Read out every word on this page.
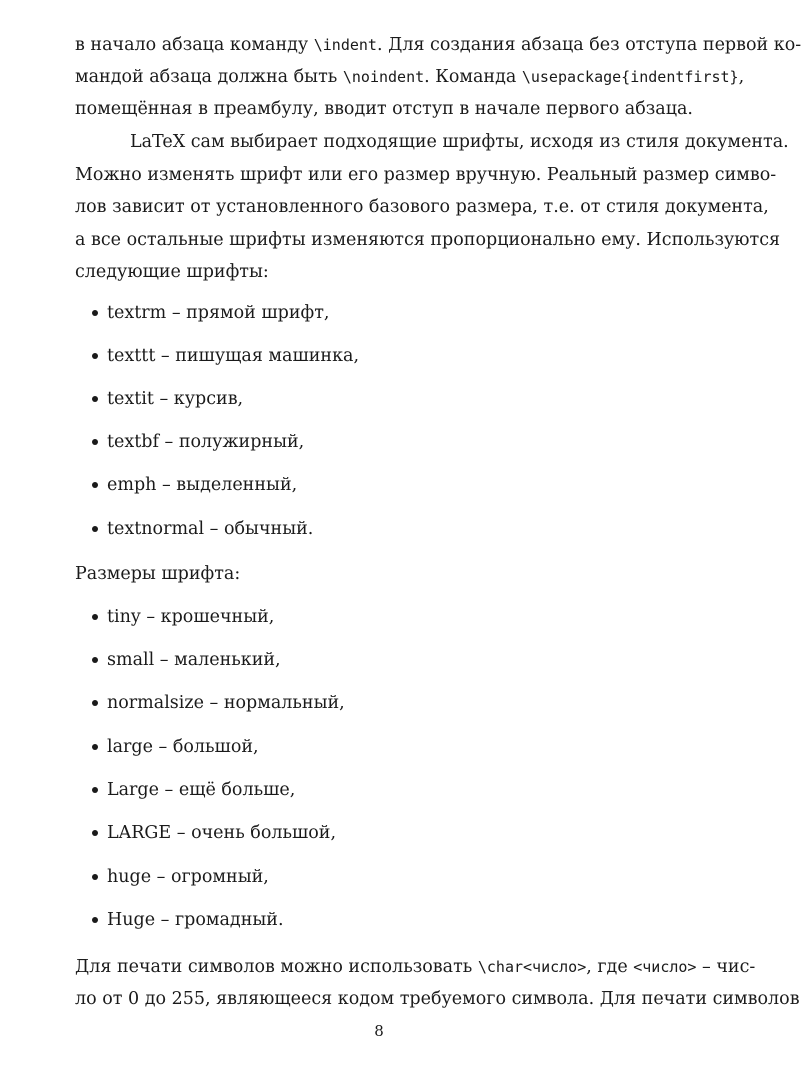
в начало абзаца команду \indent. Для создания абзаца без отступа первой ко-
мандой абзаца должна быть \noindent. Команда \usepackage{indentfirst},
помещённая в преамбулу, вводит отступ в начале первого абзаца.
LaTeX сам выбирает подходящие шрифты, исходя из стиля документа.
Можно изменять шрифт или его размер вручную. Реальный размер симво-
лов зависит от установленного базового размера, т.е. от стиля документа,
а все остальные шрифты изменяются пропорционально ему. Используются
следующие шрифты:
textrm – прямой шрифт,
texttt – пишущая машинка,
textit – курсив,
textbf – полужирный,
emph – выделенный,
textnormal – обычный.
Размеры шрифта:
tiny – крошечный,
small – маленький,
normalsize – нормальный,
large – большой,
Large – ещё больше,
LARGE – очень большой,
huge – огромный,
Huge – громадный.
Для печати символов можно использовать \char<число>, где <число> – чис-
ло от 0 до 255, являющееся кодом требуемого символа. Для печати символов
8
